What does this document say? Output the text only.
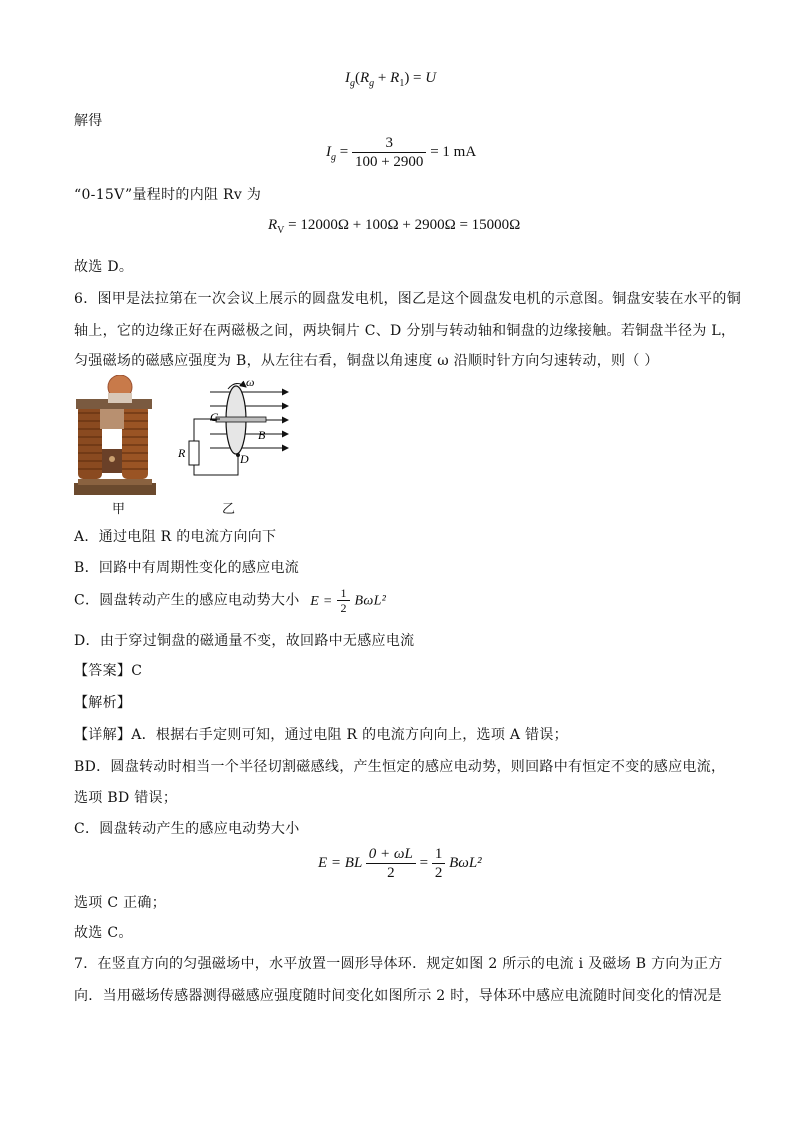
$I_g(R_g + R_1) = U$
解得
$I_g = \frac{3}{100 + 2900} = 1$ mA
“0-15V”量程时的内阻 Rv 为
$R_V = 12000\Omega + 100\Omega + 2900\Omega = 15000\Omega$
故选 D。
6．图甲是法拉第在一次会议上展示的圆盘发电机，图乙是这个圆盘发电机的示意图。铜盘安装在水平的铜
轴上，它的边缘正好在两磁极之间，两块铜片 C、D 分别与转动轴和铜盘的边缘接触。若铜盘半径为 L，
匀强磁场的磁感应强度为 B，从左往右看，铜盘以角速度 ω 沿顺时针方向匀速转动，则（ ）
ω
C
B
D
R
甲	乙
A．通过电阻 R 的电流方向向下
B．回路中有周期性变化的感应电流
C．圆盘转动产生的感应电动势大小 $E = \frac{1}{2} B\omega L^2$
D．由于穿过铜盘的磁通量不变，故回路中无感应电流
【答案】C
【解析】
【详解】A．根据右手定则可知，通过电阻 R 的电流方向向上，选项 A 错误；
BD．圆盘转动时相当一个半径切割磁感线，产生恒定的感应电动势，则回路中有恒定不变的感应电流，
选项 BD 错误；
C．圆盘转动产生的感应电动势大小
E = BL $\frac{0 + \omega L}{2} = \frac{1}{2} B\omega L^2$
选项 C 正确；
故选 C。
7．在竖直方向的匀强磁场中，水平放置一圆形导体环．规定如图 2 所示的电流 i 及磁场 B 方向为正方
向．当用磁场传感器测得磁感应强度随时间变化如图所示 2 时，导体环中感应电流随时间变化的情况是
